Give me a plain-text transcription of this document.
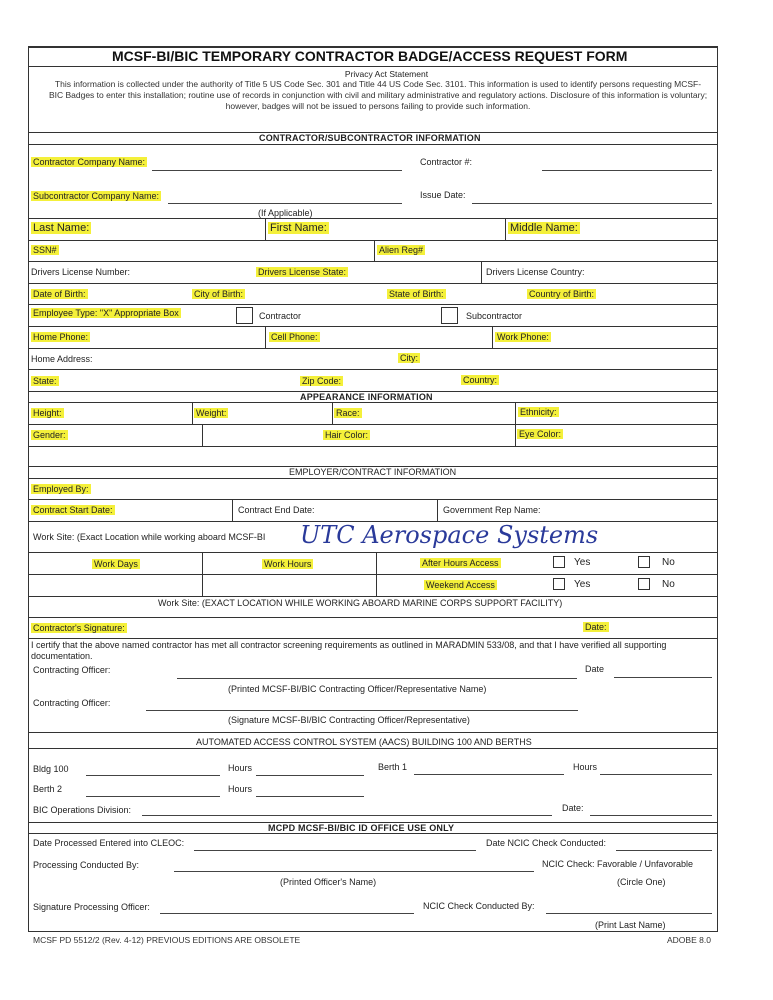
MCSF-BI/BIC TEMPORARY CONTRACTOR BADGE/ACCESS REQUEST FORM
Privacy Act Statement
This information is collected under the authority of Title 5 US Code Sec. 301 and Title 44 US Code Sec. 3101. This information is used to identify persons requesting MCSF-BIC Badges to enter this installation; routine use of records in conjunction with civil and military administrative and regulatory actions. Disclosure of this information is voluntary; however, badges will not be issued to persons failing to provide such information.
CONTRACTOR/SUBCONTRACTOR INFORMATION
Contractor Company Name:	Contractor #:
Subcontractor Company Name:	Issue Date:
(If Applicable)
Last Name:	First Name:	Middle Name:
SSN#	Alien Reg#
Drivers License Number:	Drivers License State:	Drivers License Country:
Date of Birth:	City of Birth:	State of Birth:	Country of Birth:
Employee Type: "X" Appropriate Box	Contractor	Subcontractor
Home Phone:	Cell Phone:	Work Phone:
Home Address:	City:
State:	Zip Code:	Country:
APPEARANCE INFORMATION
Height:	Weight:	Race:	Ethnicity:
Gender:	Hair Color:	Eye Color:
EMPLOYER/CONTRACT INFORMATION
Employed By:
Contract Start Date:	Contract End Date:	Government Rep Name:
Work Site: (Exact Location while working aboard MCSF-BI UTC Aerospace Systems
Work Days	Work Hours	After Hours Access	Yes	No
Weekend Access	Yes	No
Work Site: (EXACT LOCATION WHILE WORKING ABOARD MARINE CORPS SUPPORT FACILITY)
Contractor's Signature:	Date:
I certify that the above named contractor has met all contractor screening requirements as outlined in MARADMIN 533/08, and that I have verified all supporting documentation.
Contracting Officer:	Date
(Printed MCSF-BI/BIC Contracting Officer/Representative Name)
Contracting Officer:
(Signature MCSF-BI/BIC Contracting Officer/Representative)
AUTOMATED ACCESS CONTROL SYSTEM (AACS) BUILDING 100 AND BERTHS
Bldg 100	Hours	Berth 1	Hours
Berth 2	Hours
BIC Operations Division:	Date:
MCPD MCSF-BI/BIC ID OFFICE USE ONLY
Date Processed Entered into CLEOC:	Date NCIC Check Conducted:
Processing Conducted By:	NCIC Check: Favorable / Unfavorable
(Printed Officer's Name)	(Circle One)
Signature Processing Officer:	NCIC Check Conducted By:
(Print Last Name)
MCSF PD 5512/2 (Rev. 4-12) PREVIOUS EDITIONS ARE OBSOLETE	ADOBE 8.0
